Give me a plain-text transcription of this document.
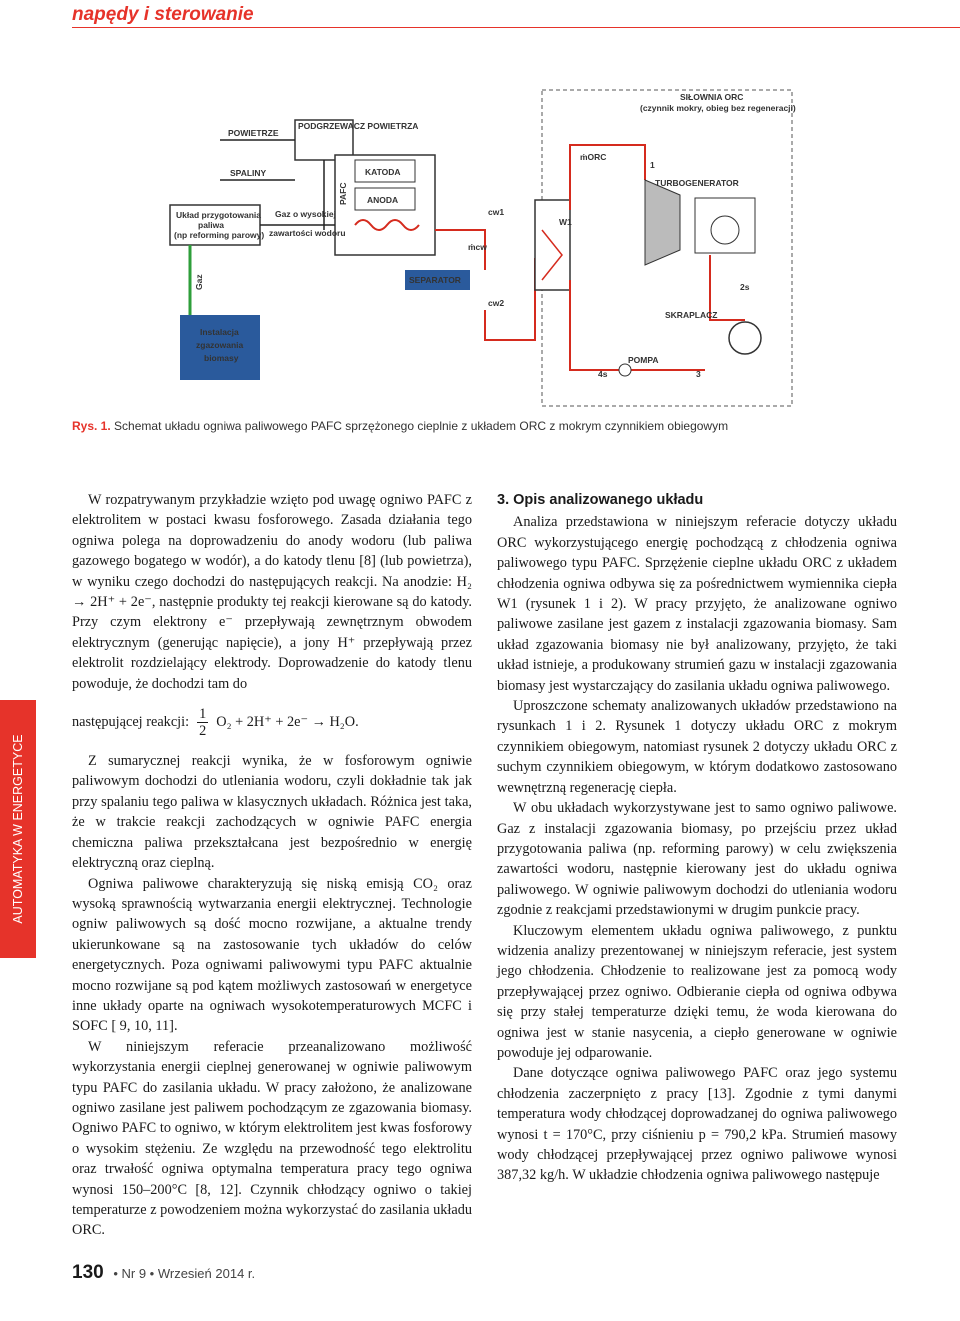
napędy i sterowanie
SIŁOWNIA ORC
(czynnik mokry, obieg bez regeneracji)
PODGRZEWACZ POWIETRZA
POWIETRZE
SPALINY	KATODA
ANODA
PAFC
Układ przygotowania
paliwa
(np reforming parowy)
Gaz o wysokiej
zawartości wodoru
Gaz
Instalacja
zgazowania
biomasy
SEPARATOR
cw1
cw2
ṁcw
W1
ṁORC
1
TURBOGENERATOR
SKRAPLACZ
2s
POMPA
4s	3
Rys. 1. Schemat układu ogniwa paliwowego PAFC sprzężonego cieplnie z układem ORC z mokrym czynnikiem obiegowym

W rozpatrywanym przykładzie wzięto pod uwagę ogniwo PAFC z elektrolitem w postaci kwasu fosforowego. Zasada działania tego ogniwa polega na doprowadzeniu do anody wodoru (lub paliwa gazowego bogatego w wodór), a do katody tlenu [8] (lub powietrza), w wyniku czego dochodzi do następujących reakcji. Na anodzie: H₂ → 2H⁺ + 2e⁻, następnie produkty tej reakcji kierowane są do katody. Przy czym elektrony e⁻ przepływają zewnętrznym obwodem elektrycznym (generując napięcie), a jony H⁺ przepływają przez elektrolit rozdzielający elektrody. Doprowadzenie do katody tlenu powoduje, że dochodzi tam do

następującej reakcji: $\frac{1}{2} O_2 + 2H^+ + 2e^- \to H_2O$.

Z sumarycznej reakcji wynika, że w fosforowym ogniwie paliwowym dochodzi do utleniania wodoru, czyli dokładnie tak jak przy spalaniu tego paliwa w klasycznych układach. Różnica jest taka, że w trakcie reakcji zachodzących w ogniwie PAFC energia chemiczna paliwa przekształcana jest bezpośrednio w energię elektryczną oraz cieplną.

Ogniwa paliwowe charakteryzują się niską emisją CO₂ oraz wysoką sprawnością wytwarzania energii elektrycznej. Technologie ogniw paliwowych są dość mocno rozwijane, a aktualne trendy ukierunkowane są na zastosowanie tych układów do celów energetycznych. Poza ogniwami paliwowymi typu PAFC aktualnie mocno rozwijane są pod kątem możliwych zastosowań w energetyce inne układy oparte na ogniwach wysokotemperaturowych MCFC i SOFC [ 9, 10, 11].

W niniejszym referacie przeanalizowano możliwość wykorzystania energii cieplnej generowanej w ogniwie paliwowym typu PAFC do zasilania układu. W pracy założono, że analizowane ogniwo zasilane jest paliwem pochodzącym ze zgazowania biomasy. Ogniwo PAFC to ogniwo, w którym elektrolitem jest kwas fosforowy o wysokim stężeniu. Ze względu na przewodność tego elektrolitu oraz trwałość ogniwa optymalna temperatura pracy tego ogniwa wynosi 150–200°C [8, 12]. Czynnik chłodzący ogniwo o takiej temperaturze z powodzeniem można wykorzystać do zasilania układu ORC.

3. Opis analizowanego układu

Analiza przedstawiona w niniejszym referacie dotyczy układu ORC wykorzystującego energię pochodzącą z chłodzenia ogniwa paliwowego typu PAFC. Sprzężenie cieplne układu ORC z układem chłodzenia ogniwa odbywa się za pośrednictwem wymiennika ciepła W1 (rysunek 1 i 2). W pracy przyjęto, że analizowane ogniwo paliwowe zasilane jest gazem z instalacji zgazowania biomasy. Sam układ zgazowania biomasy nie był analizowany, przyjęto, że taki układ istnieje, a produkowany strumień gazu w instalacji zgazowania biomasy jest wystarczający do zasilania układu ogniwa paliwowego.

Uproszczone schematy analizowanych układów przedstawiono na rysunkach 1 i 2. Rysunek 1 dotyczy układu ORC z mokrym czynnikiem obiegowym, natomiast rysunek 2 dotyczy układu ORC z suchym czynnikiem obiegowym, w którym dodatkowo zastosowano wewnętrzną regenerację ciepła.

W obu układach wykorzystywane jest to samo ogniwo paliwowe. Gaz z instalacji zgazowania biomasy, po przejściu przez układ przygotowania paliwa (np. reforming parowy) w celu zwiększenia zawartości wodoru, następnie kierowany jest do układu ogniwa paliwowego. W ogniwie paliwowym dochodzi do utleniania wodoru zgodnie z reakcjami przedstawionymi w drugim punkcie pracy.

Kluczowym elementem układu ogniwa paliwowego, z punktu widzenia analizy prezentowanej w niniejszym referacie, jest system jego chłodzenia. Chłodzenie to realizowane jest za pomocą wody przepływającej przez ogniwo. Odbieranie ciepła od ogniwa odbywa się przy stałej temperaturze dzięki temu, że woda kierowana do ogniwa jest w stanie nasycenia, a ciepło generowane w ogniwie powoduje jej odparowanie.

Dane dotyczące ogniwa paliwowego PAFC oraz jego systemu chłodzenia zaczerpnięto z pracy [13]. Zgodnie z tymi danymi temperatura wody chłodzącej doprowadzanej do ogniwa paliwowego wynosi t = 170°C, przy ciśnieniu p = 790,2 kPa. Strumień masowy wody chłodzącej przepływającej przez ogniwo paliwowe wynosi 387,32 kg/h. W układzie chłodzenia ogniwa paliwowego następuje

AUTOMATYKA W ENERGETYCE
130 • Nr 9 • Wrzesień 2014 r.
